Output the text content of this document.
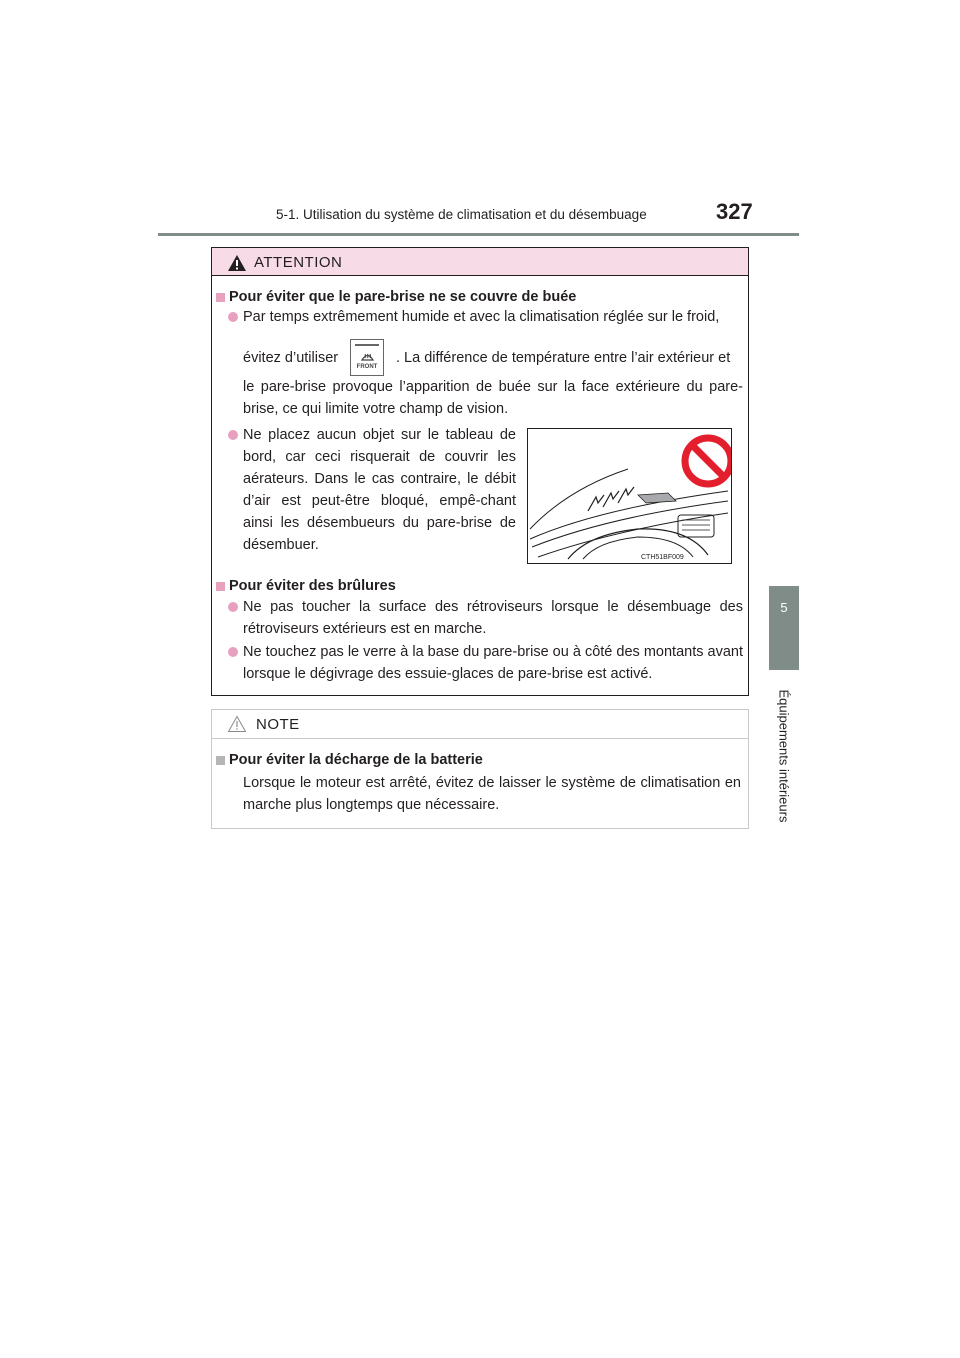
5-1. Utilisation du système de climatisation et du désembuage	327
5
Équipements intérieurs
ATTENTION
Pour éviter que le pare-brise ne se couvre de buée
Par temps extrêmement humide et avec la climatisation réglée sur le froid,
évitez d’utiliser
FRONT
. La différence de température entre l’air extérieur et
le pare-brise provoque l’apparition de buée sur la face extérieure du pare-brise, ce qui limite votre champ de vision.
Ne placez aucun objet sur le tableau de bord, car ceci risquerait de couvrir les aérateurs. Dans le cas contraire, le débit d’air est peut-être bloqué, empê-chant ainsi les désembueurs du pare-brise de désembuer.
CTH51BF009
Pour éviter des brûlures
Ne pas toucher la surface des rétroviseurs lorsque le désembuage des rétroviseurs extérieurs est en marche.
Ne touchez pas le verre à la base du pare-brise ou à côté des montants avant lorsque le dégivrage des essuie-glaces de pare-brise est activé.
NOTE
Pour éviter la décharge de la batterie
Lorsque le moteur est arrêté, évitez de laisser le système de climatisation en marche plus longtemps que nécessaire.
